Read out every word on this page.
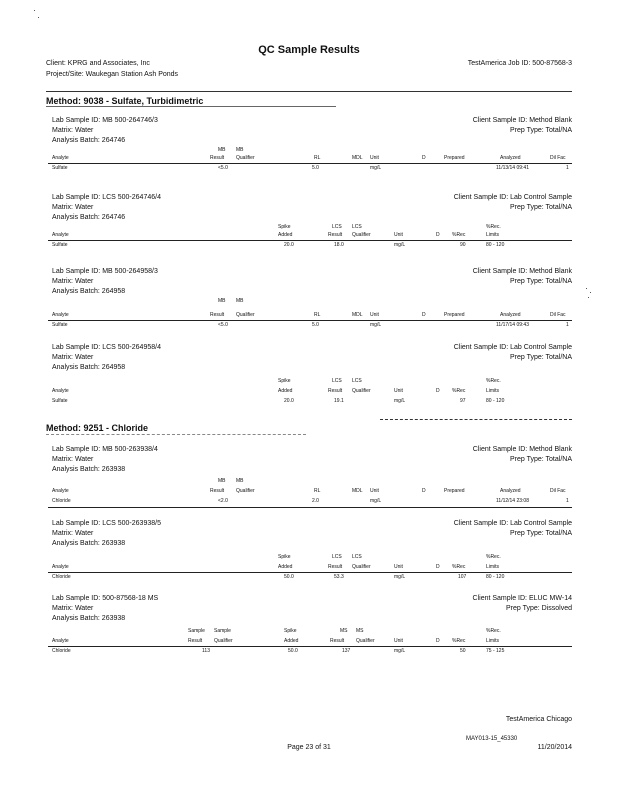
QC Sample Results
Client: KPRG and Associates, Inc
Project/Site: Waukegan Station Ash Ponds
TestAmerica Job ID: 500-87568-3
Method: 9038 - Sulfate, Turbidimetric
Lab Sample ID: MB 500-264746/3
Matrix: Water
Analysis Batch: 264746
Client Sample ID: Method Blank
Prep Type: Total/NA
MB MB
Analyte	Result Qualifier	RL	MDL Unit	D	Prepared	Analyzed	Dil Fac
Sulfate	<5.0	5.0	mg/L	11/13/14 09:41	1
Lab Sample ID: LCS 500-264746/4
Matrix: Water
Analysis Batch: 264746
Client Sample ID: Lab Control Sample
Prep Type: Total/NA
Spike	LCS LCS	%Rec.
Analyte	Added	Result Qualifier	Unit	D %Rec	Limits
Sulfate	20.0	18.0	mg/L	90	80 - 120
Lab Sample ID: MB 500-264958/3
Matrix: Water
Analysis Batch: 264958
Client Sample ID: Method Blank
Prep Type: Total/NA
MB MB
Analyte	Result Qualifier	RL	MDL Unit	D	Prepared	Analyzed	Dil Fac
Sulfate	<5.0	5.0	mg/L	11/17/14 09:43	1
Lab Sample ID: LCS 500-264958/4
Matrix: Water
Analysis Batch: 264958
Client Sample ID: Lab Control Sample
Prep Type: Total/NA
Spike	LCS LCS	%Rec.
Analyte	Added	Result Qualifier	Unit	D %Rec	Limits
Sulfate	20.0	19.1	mg/L	97	80 - 120
Method: 9251 - Chloride
Lab Sample ID: MB 500-263938/4
Matrix: Water
Analysis Batch: 263938
Client Sample ID: Method Blank
Prep Type: Total/NA
MB MB
Analyte	Result Qualifier	RL	MDL Unit	D	Prepared	Analyzed	Dil Fac
Chloride	<2.0	2.0	mg/L	11/12/14 23:08	1
Lab Sample ID: LCS 500-263938/5
Matrix: Water
Analysis Batch: 263938
Client Sample ID: Lab Control Sample
Prep Type: Total/NA
Spike	LCS LCS	%Rec.
Analyte	Added	Result Qualifier	Unit	D %Rec	Limits
Chloride	50.0	53.3	mg/L	107	80 - 120
Lab Sample ID: 500-87568-18 MS
Matrix: Water
Analysis Batch: 263938
Client Sample ID: ELUC MW-14
Prep Type: Dissolved
Sample Sample	Spike	MS MS	%Rec.
Analyte	Result Qualifier	Added	Result Qualifier	Unit	D %Rec	Limits
Chloride	113	50.0	137	mg/L	50	75 - 125
TestAmerica Chicago
MAY013-15_45330
Page 23 of 31	11/20/2014
